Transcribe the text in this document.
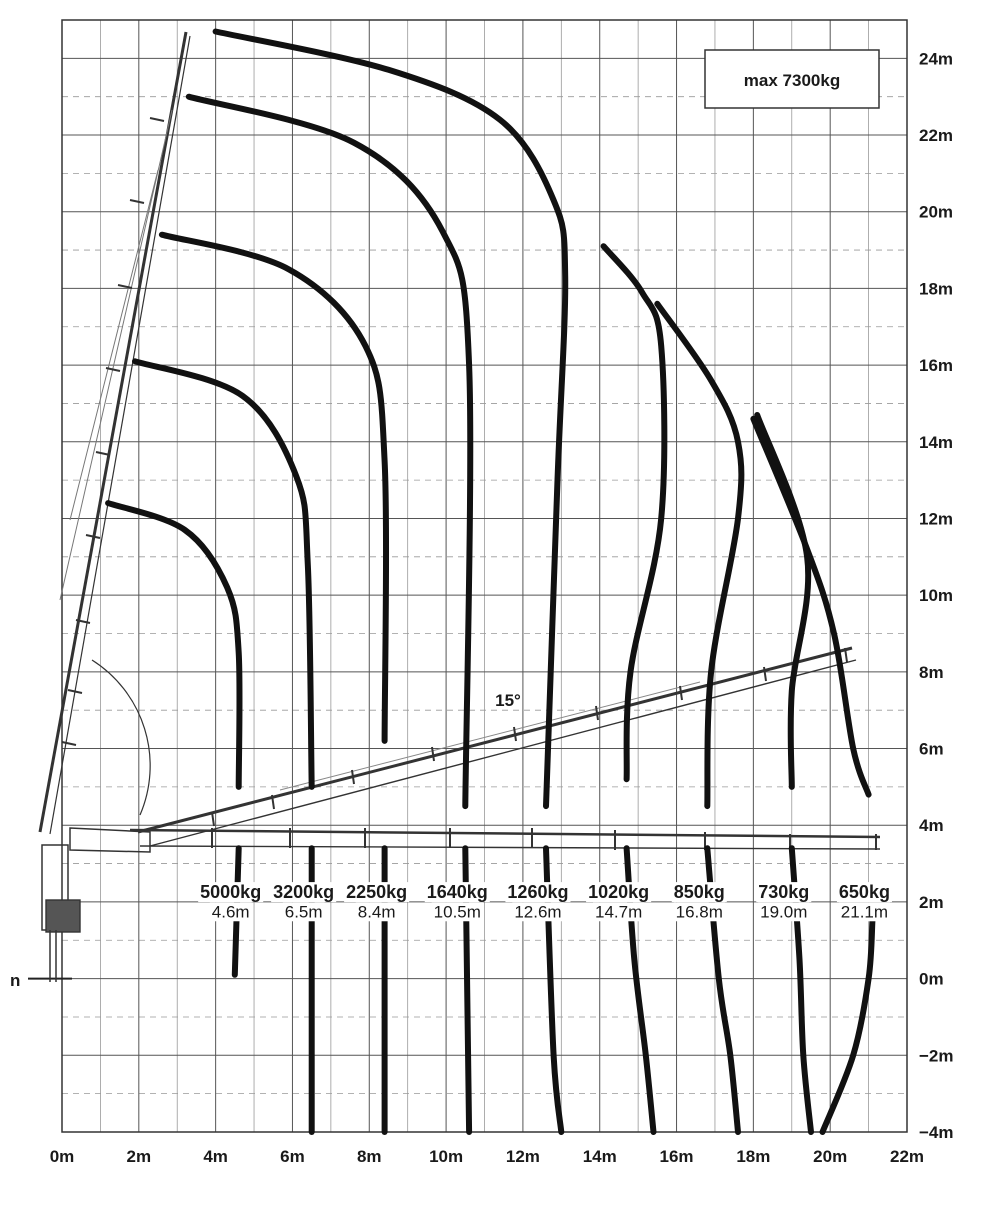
n
max 7300kg
15°
0m	2m	4m	6m	8m	10m	12m	14m	16m	18m	20m	22m
24m
22m
20m
18m
16m
14m
12m
10m
8m
6m
4m
2m
0m
−2m
−4m
5000kg
4.6m
3200kg
6.5m
2250kg
8.4m
1640kg
10.5m
1260kg
12.6m
1020kg
14.7m
850kg
16.8m
730kg
19.0m
650kg
21.1m
